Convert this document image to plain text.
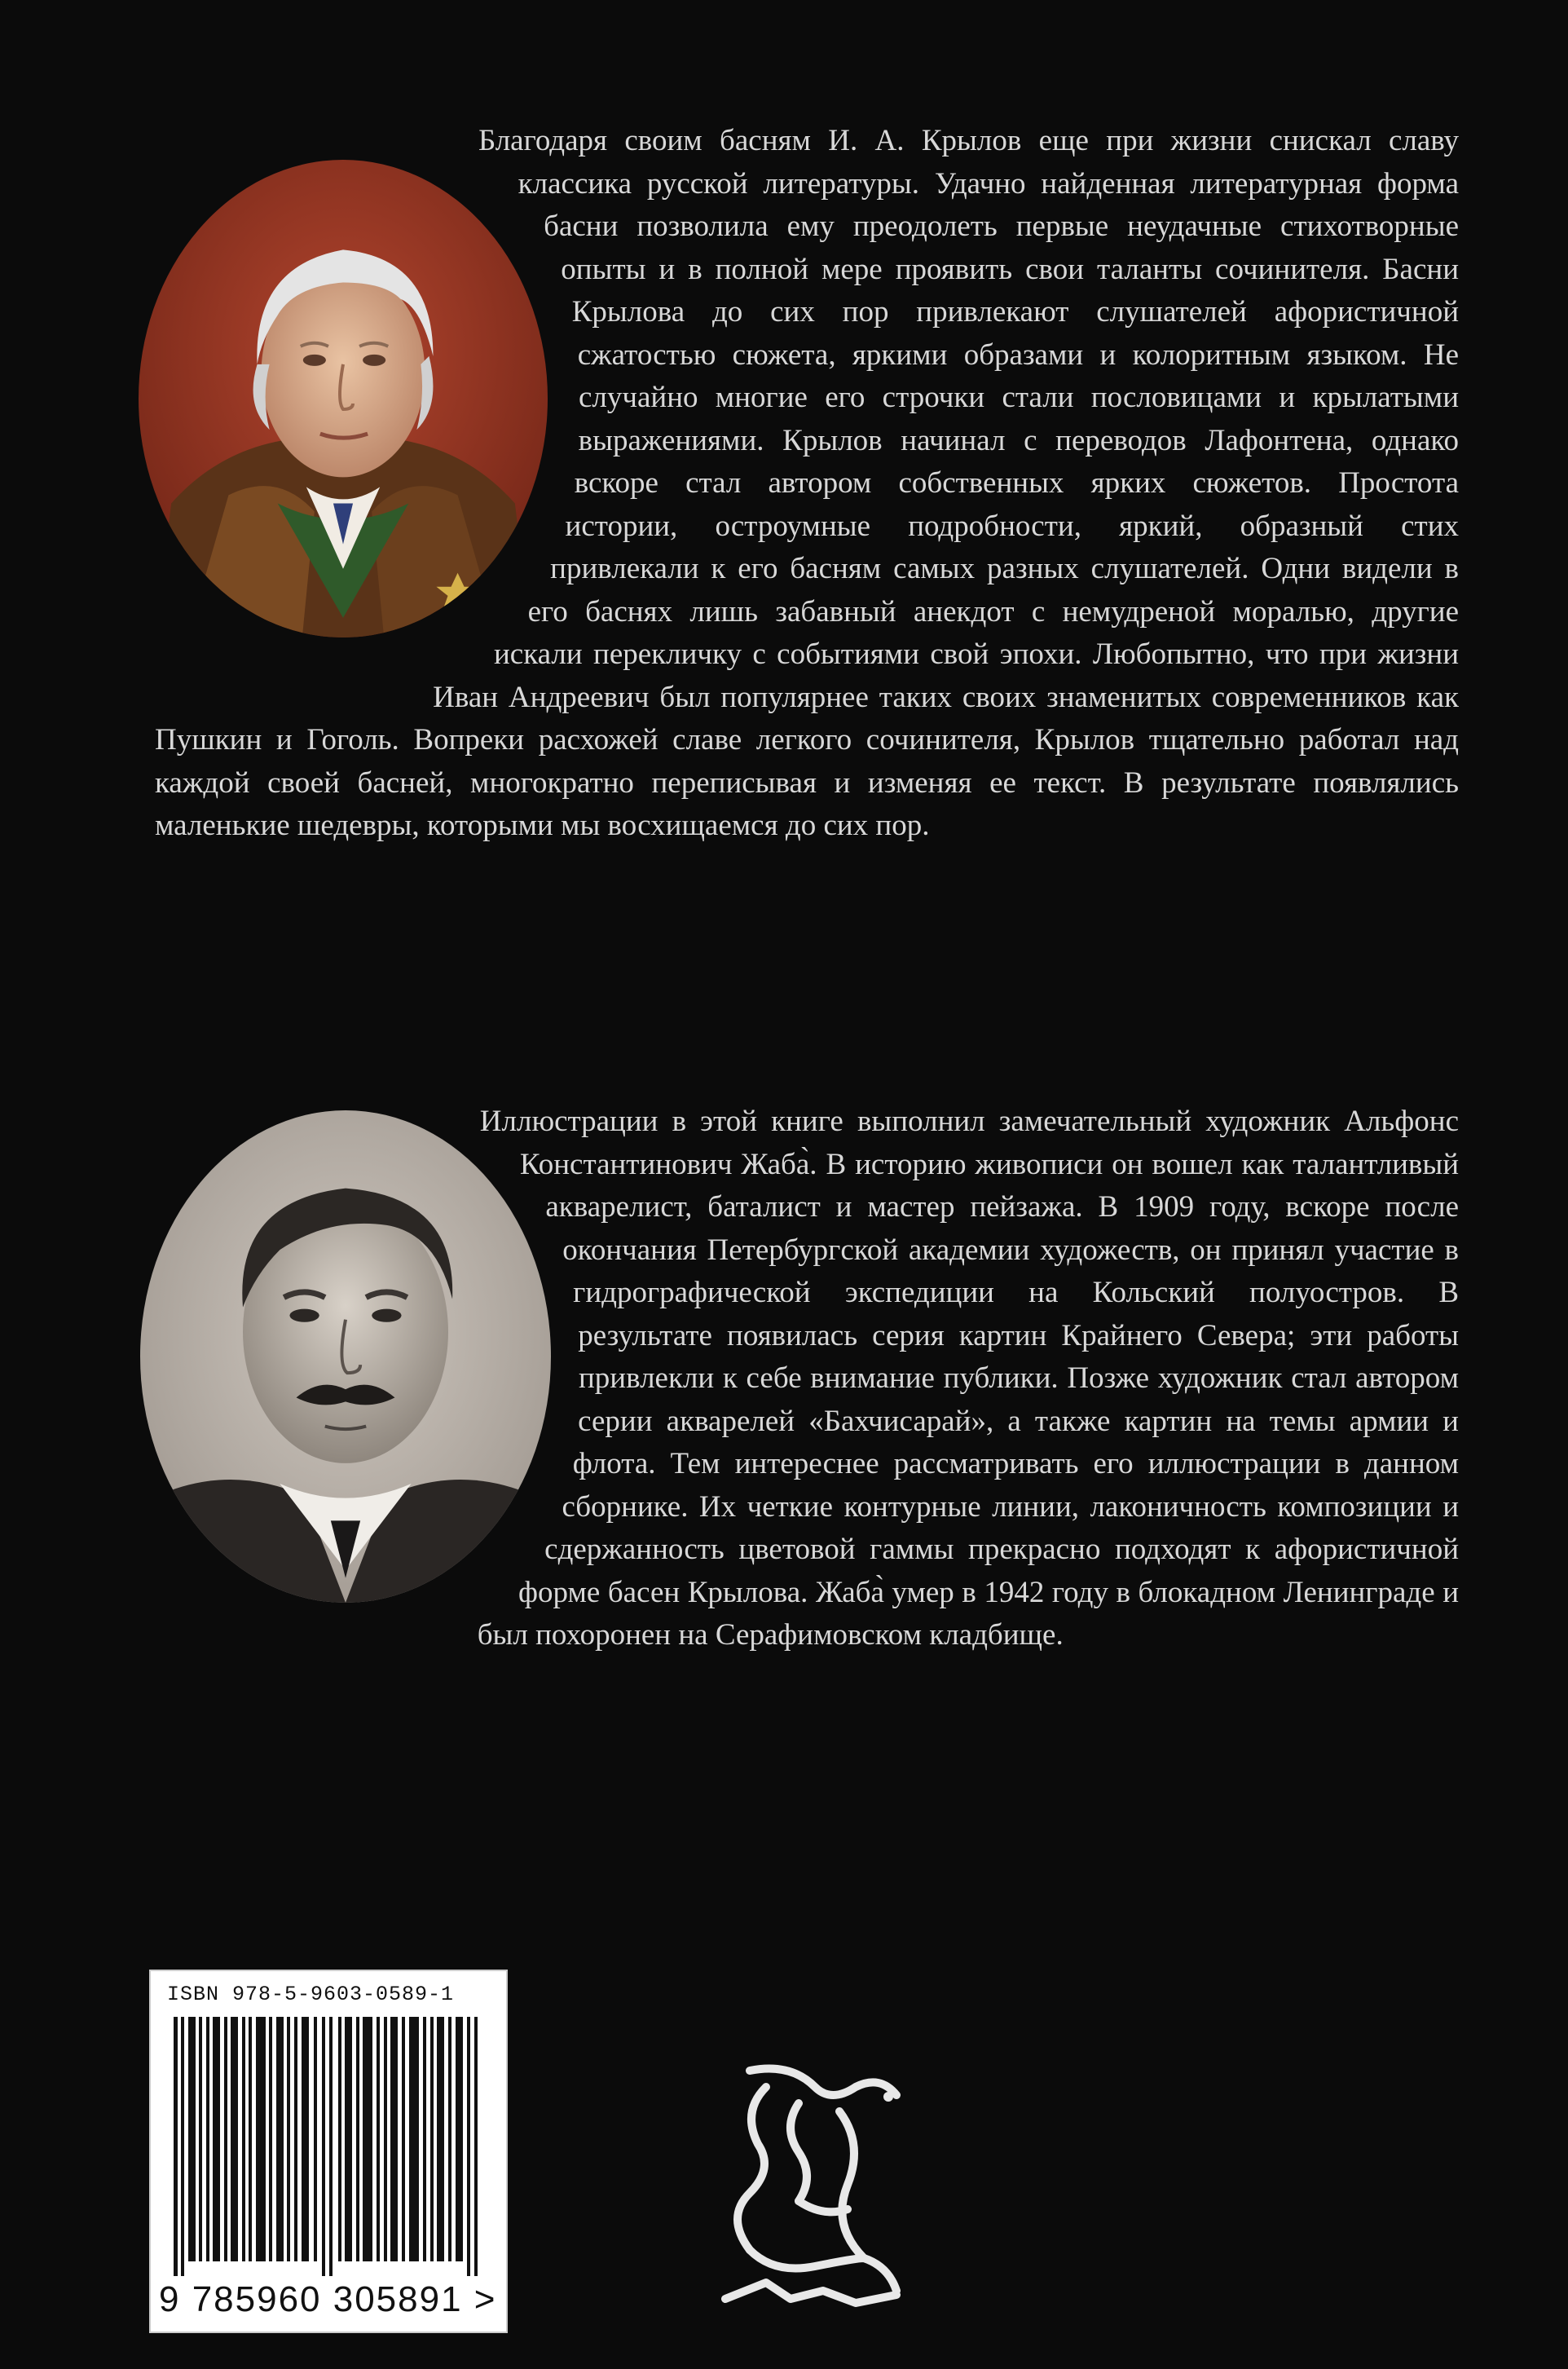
Благодаря своим басням И. А. Крылов еще при жизни снискал славу классика русской литературы. Удачно найденная литературная форма басни позволила ему преодолеть первые неудачные стихотворные опыты и в полной мере проявить свои таланты сочинителя. Басни Крылова до сих пор привлекают слушателей афористичной сжатостью сюжета, яркими образами и колоритным языком. Не случайно многие его строчки стали пословицами и крылатыми выражениями. Крылов начинал с переводов Лафонтена, однако вскоре стал автором собственных ярких сюжетов. Простота истории, остроумные подробности, яркий, образный стих привлекали к его басням самых разных слушателей. Одни видели в его баснях лишь забавный анекдот с немудреной моралью, другие искали перекличку с событиями свой эпохи. Любопытно, что при жизни Иван Андреевич был популярнее таких своих знаменитых современников как Пушкин и Гоголь. Вопреки расхожей славе легкого сочинителя, Крылов тщательно работал над каждой своей басней, многократно переписывая и изменяя ее текст. В результате появлялись маленькие шедевры, которыми мы восхищаемся до сих пор.
Иллюстрации в этой книге выполнил замечательный художник Альфонс Константинович Жаба̀. В историю живописи он вошел как талантливый акварелист, баталист и мастер пейзажа. В 1909 году, вскоре после окончания Петербургской академии художеств, он принял участие в гидрографической экспедиции на Кольский полуостров. В результате появилась серия картин Крайнего Севера; эти работы привлекли к себе внимание публики. Позже художник стал автором серии акварелей «Бахчисарай», а также картин на темы армии и флота. Тем интереснее рассматривать его иллюстрации в данном сборнике. Их четкие контурные линии, лаконичность композиции и сдержанность цветовой гаммы прекрасно подходят к афористичной форме басен Крылова. Жаба̀ умер в 1942 году в блокадном Ленинграде и был похоронен на Серафимовском кладбище.
ISBN 978-5-9603-0589-1
9 785960 305891 >
